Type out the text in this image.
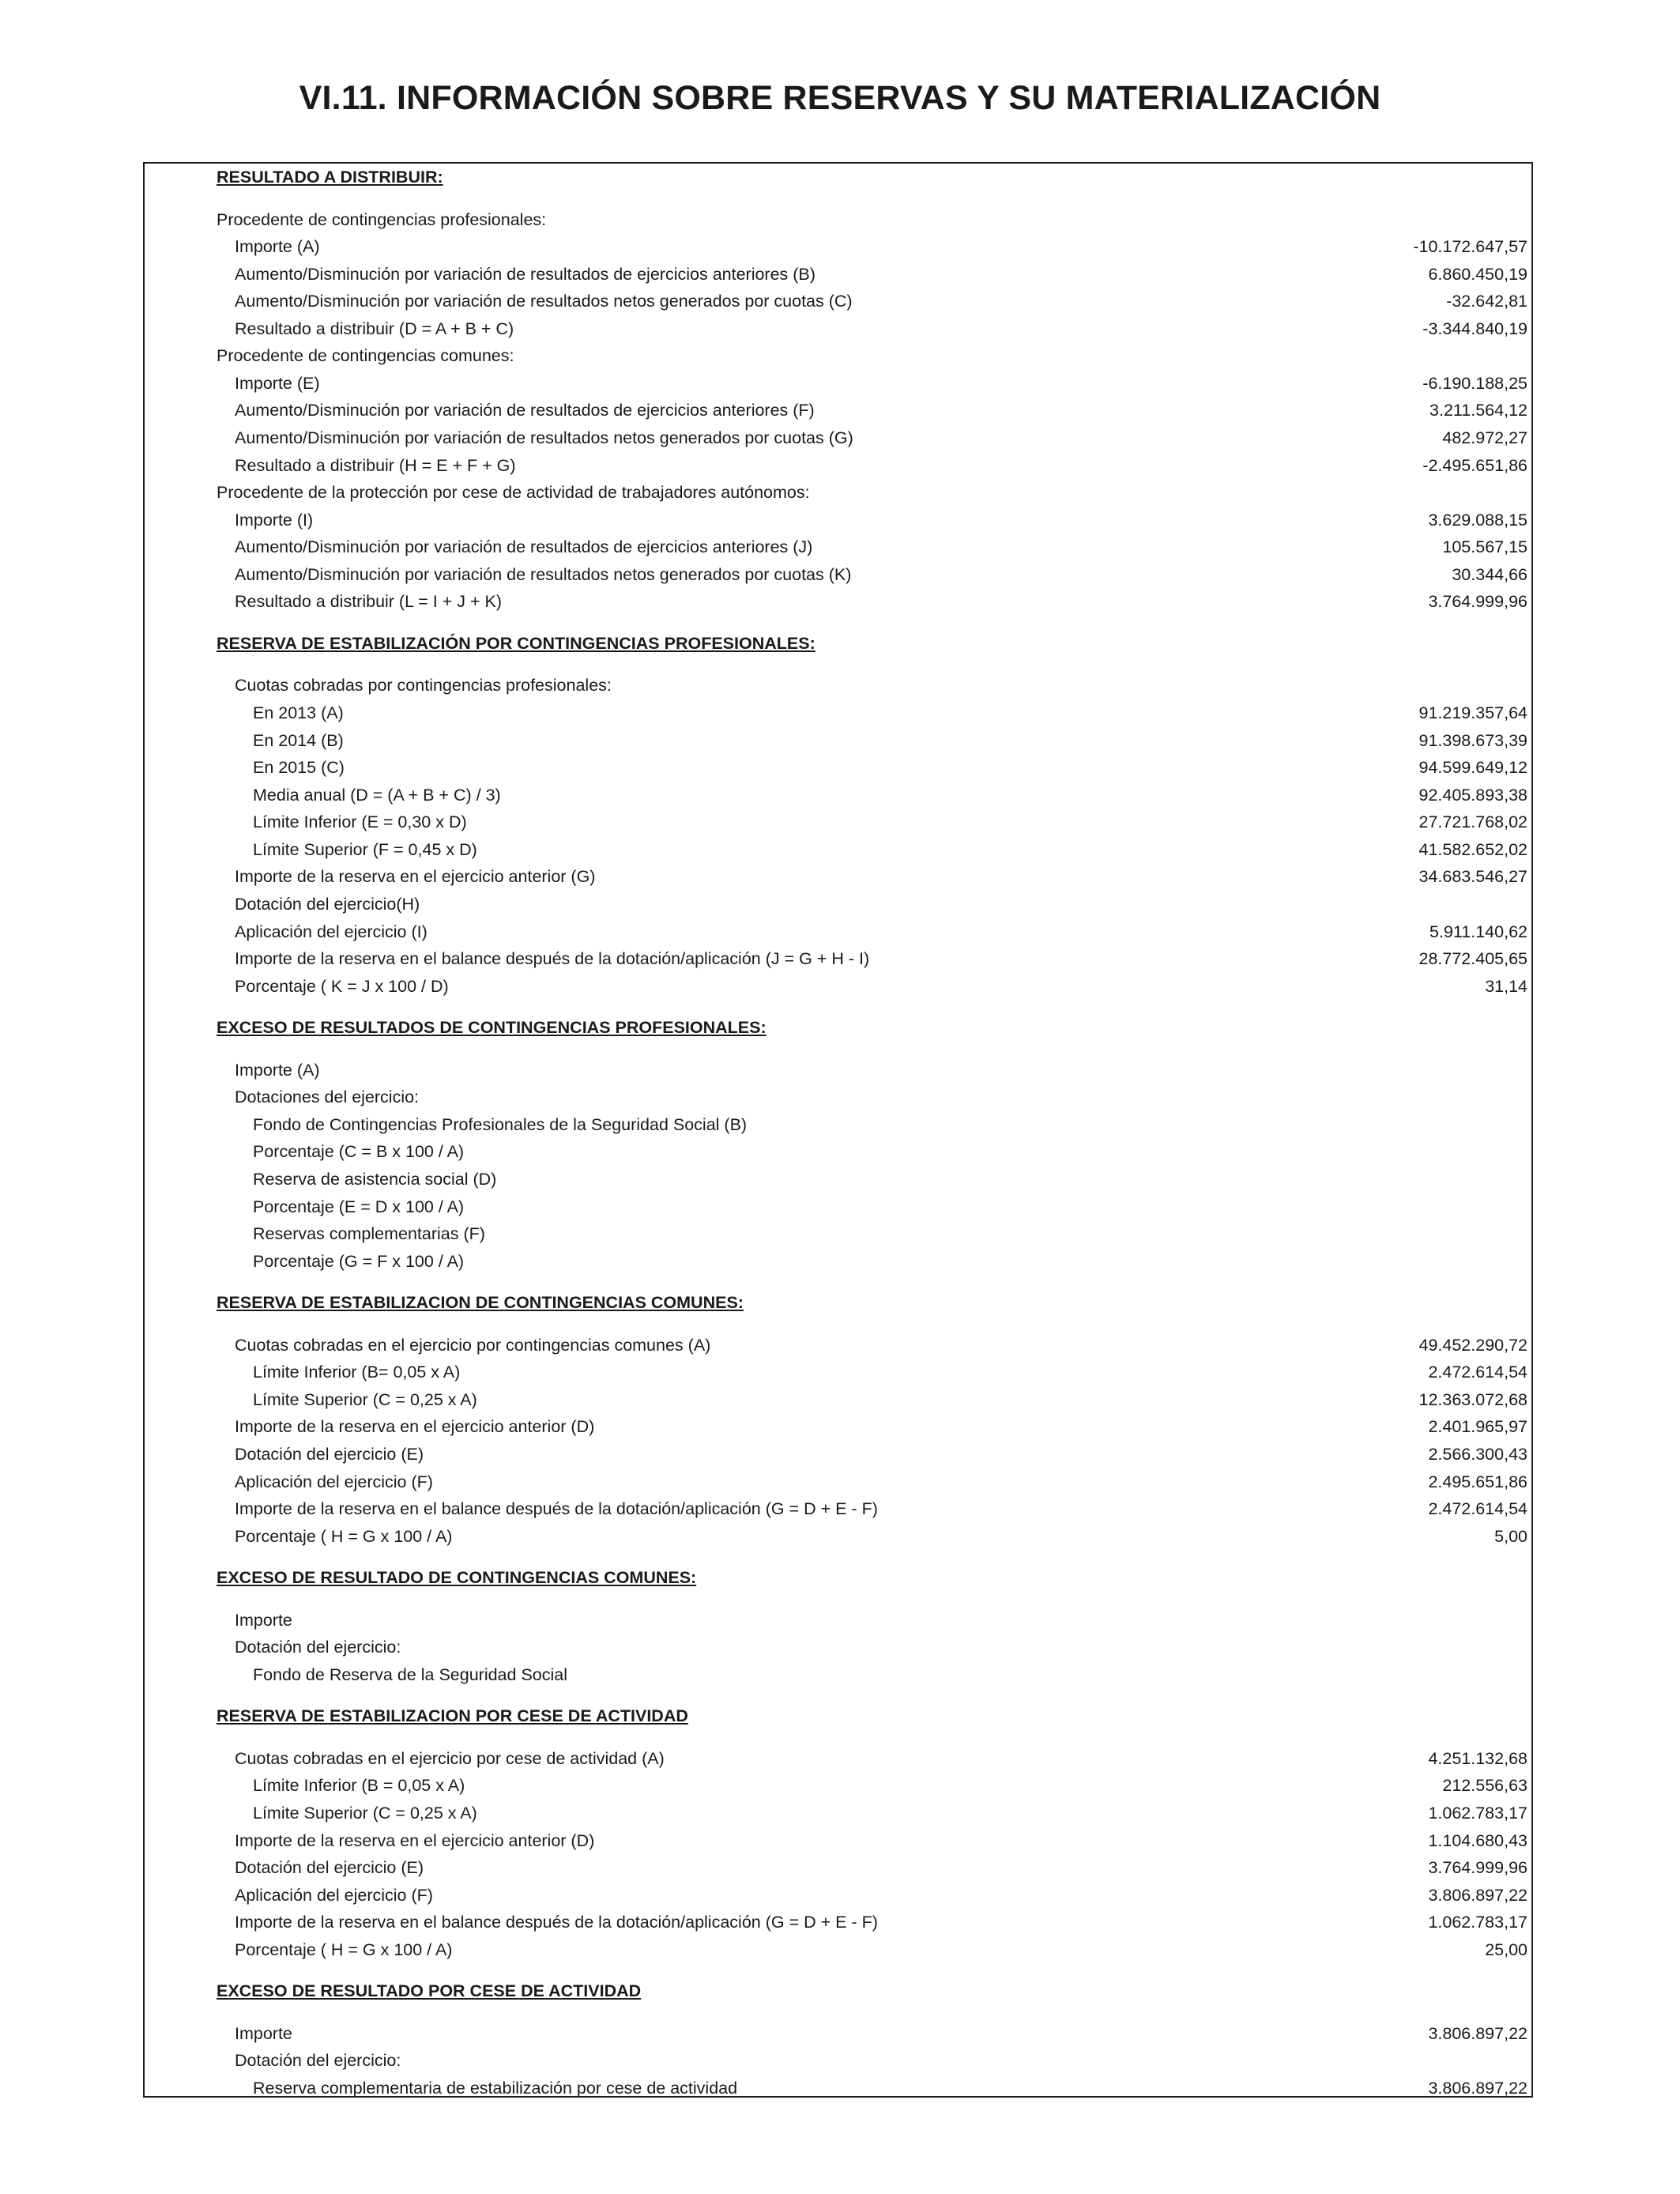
VI.11. INFORMACIÓN SOBRE RESERVAS Y SU MATERIALIZACIÓN
RESULTADO A DISTRIBUIR:
Procedente de contingencias profesionales:
Importe (A)	-10.172.647,57
Aumento/Disminución por variación de resultados de ejercicios anteriores (B)	6.860.450,19
Aumento/Disminución por variación de resultados netos generados por cuotas (C)	-32.642,81
Resultado a distribuir (D = A + B + C)	-3.344.840,19
Procedente de contingencias comunes:
Importe (E)	-6.190.188,25
Aumento/Disminución por variación de resultados de ejercicios anteriores (F)	3.211.564,12
Aumento/Disminución por variación de resultados netos generados por cuotas (G)	482.972,27
Resultado a distribuir (H = E + F + G)	-2.495.651,86
Procedente de la protección por cese de actividad de trabajadores autónomos:
Importe (I)	3.629.088,15
Aumento/Disminución por variación de resultados de ejercicios anteriores (J)	105.567,15
Aumento/Disminución por variación de resultados netos generados por cuotas (K)	30.344,66
Resultado a distribuir (L = I + J + K)	3.764.999,96
RESERVA DE ESTABILIZACIÓN POR CONTINGENCIAS PROFESIONALES:
Cuotas cobradas por contingencias profesionales:
En 2013 (A)	91.219.357,64
En 2014 (B)	91.398.673,39
En 2015 (C)	94.599.649,12
Media anual (D = (A + B + C) / 3)	92.405.893,38
Límite Inferior (E = 0,30 x D)	27.721.768,02
Límite Superior (F = 0,45 x D)	41.582.652,02
Importe de la reserva en el ejercicio anterior (G)	34.683.546,27
Dotación del ejercicio(H)
Aplicación del ejercicio (I)	5.911.140,62
Importe de la reserva en el balance después de la dotación/aplicación (J = G + H - I)	28.772.405,65
Porcentaje ( K = J x 100 / D)	31,14
EXCESO DE RESULTADOS DE CONTINGENCIAS PROFESIONALES:
Importe (A)
Dotaciones del ejercicio:
Fondo de Contingencias Profesionales de la Seguridad Social (B)
Porcentaje (C = B x 100 / A)
Reserva de asistencia social (D)
Porcentaje (E = D x 100 / A)
Reservas complementarias (F)
Porcentaje (G = F x 100 / A)
RESERVA DE ESTABILIZACION DE CONTINGENCIAS COMUNES:
Cuotas cobradas en el ejercicio por contingencias comunes (A)	49.452.290,72
Límite Inferior (B= 0,05 x A)	2.472.614,54
Límite Superior (C = 0,25 x A)	12.363.072,68
Importe de la reserva en el ejercicio anterior (D)	2.401.965,97
Dotación del ejercicio (E)	2.566.300,43
Aplicación del ejercicio (F)	2.495.651,86
Importe de la reserva en el balance después de la dotación/aplicación (G = D + E - F)	2.472.614,54
Porcentaje ( H = G x 100 / A)	5,00
EXCESO DE RESULTADO DE CONTINGENCIAS COMUNES:
Importe
Dotación del ejercicio:
Fondo de Reserva de la Seguridad Social
RESERVA DE ESTABILIZACION POR CESE DE ACTIVIDAD
Cuotas cobradas en el ejercicio por cese de actividad (A)	4.251.132,68
Límite Inferior (B = 0,05 x A)	212.556,63
Límite Superior (C = 0,25 x A)	1.062.783,17
Importe de la reserva en el ejercicio anterior (D)	1.104.680,43
Dotación del ejercicio (E)	3.764.999,96
Aplicación del ejercicio (F)	3.806.897,22
Importe de la reserva en el balance después de la dotación/aplicación (G = D + E - F)	1.062.783,17
Porcentaje ( H = G x 100 / A)	25,00
EXCESO DE RESULTADO POR CESE DE ACTIVIDAD
Importe	3.806.897,22
Dotación del ejercicio:
Reserva complementaria de estabilización por cese de actividad	3.806.897,22
